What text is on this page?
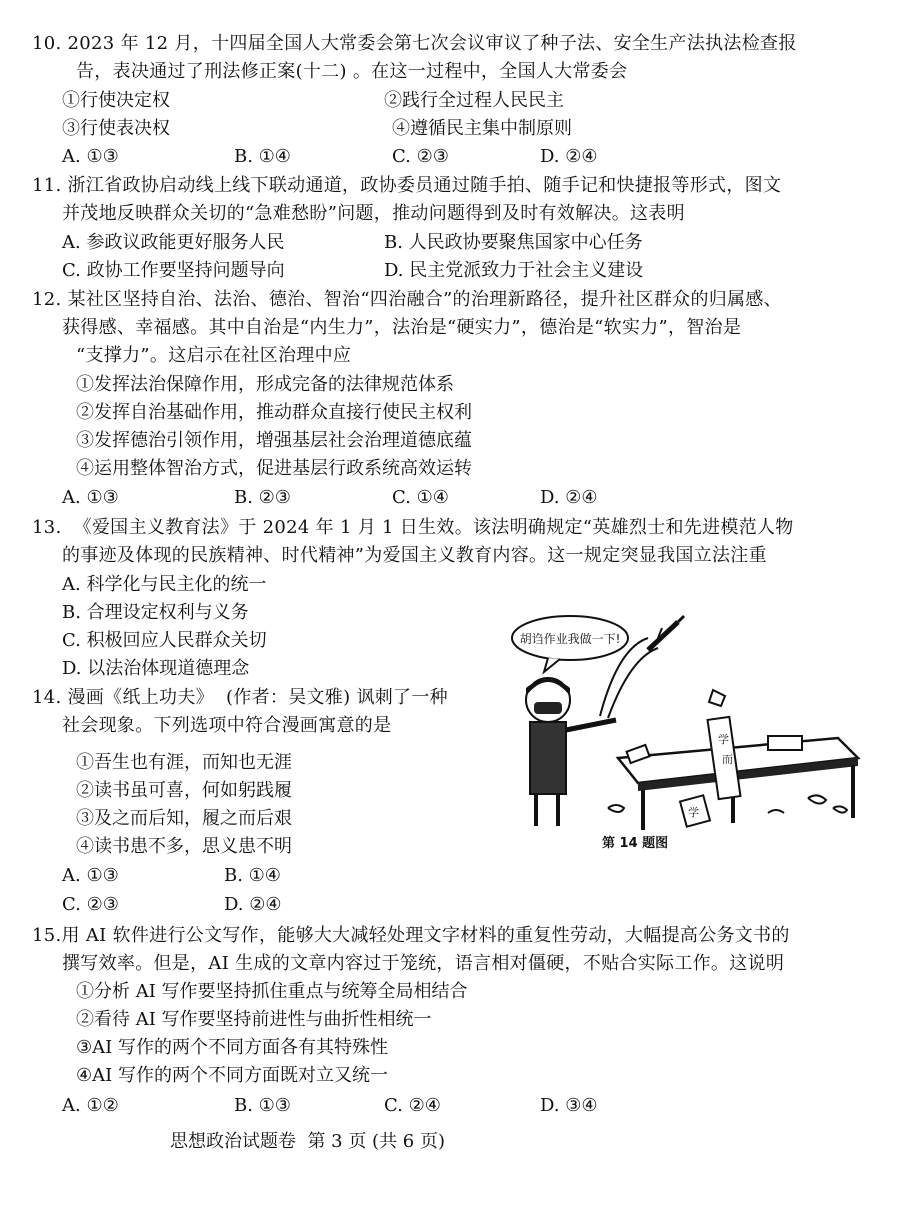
10. 2023 年 12 月，十四届全国人大常委会第七次会议审议了种子法、安全生产法执法检查报
告，表决通过了刑法修正案(十二) 。在这一过程中，全国人大常委会
①行使决定权	②践行全过程人民民主
③行使表决权	④遵循民主集中制原则
A. ①③	B. ①④	C. ②③	D. ②④
11. 浙江省政协启动线上线下联动通道，政协委员通过随手拍、随手记和快捷报等形式，图文
并茂地反映群众关切的“急难愁盼”问题，推动问题得到及时有效解决。这表明
A. 参政议政能更好服务人民	B. 人民政协要聚焦国家中心任务
C. 政协工作要坚持问题导向	D. 民主党派致力于社会主义建设
12. 某社区坚持自治、法治、德治、智治“四治融合”的治理新路径，提升社区群众的归属感、
获得感、幸福感。其中自治是“内生力”，法治是“硬实力”，德治是“软实力”，智治是
“支撑力”。这启示在社区治理中应
①发挥法治保障作用，形成完备的法律规范体系
②发挥自治基础作用，推动群众直接行使民主权利
③发挥德治引领作用，增强基层社会治理道德底蕴
④运用整体智治方式，促进基层行政系统高效运转
A. ①③	B. ②③	C. ①④	D. ②④
13.  《爱国主义教育法》于 2024 年 1 月 1 日生效。该法明确规定“英雄烈士和先进模范人物
的事迹及体现的民族精神、时代精神”为爱国主义教育内容。这一规定突显我国立法注重
A. 科学化与民主化的统一
B. 合理设定权利与义务
C. 积极回应人民群众关切
D. 以法治体现道德理念
14. 漫画《纸上功夫》  (作者：吴文雅) 讽刺了一种
社会现象。下列选项中符合漫画寓意的是
①吾生也有涯，而知也无涯
②读书虽可喜，何如躬践履
③及之而后知，履之而后艰
④读书患不多，思义患不明
A. ①③	B. ①④
C. ②③	D. ②④
胡诌作业我做一下!
学
而
学
第 14 题图
15.用 AI 软件进行公文写作，能够大大减轻处理文字材料的重复性劳动，大幅提高公务文书的
撰写效率。但是，AI 生成的文章内容过于笼统，语言相对僵硬，不贴合实际工作。这说明
①分析 AI 写作要坚持抓住重点与统筹全局相结合
②看待 AI 写作要坚持前进性与曲折性相统一
③AI 写作的两个不同方面各有其特殊性
④AI 写作的两个不同方面既对立又统一
A. ①②	B. ①③	C. ②④	D. ③④
思想政治试题卷  第 3 页 (共 6 页)
